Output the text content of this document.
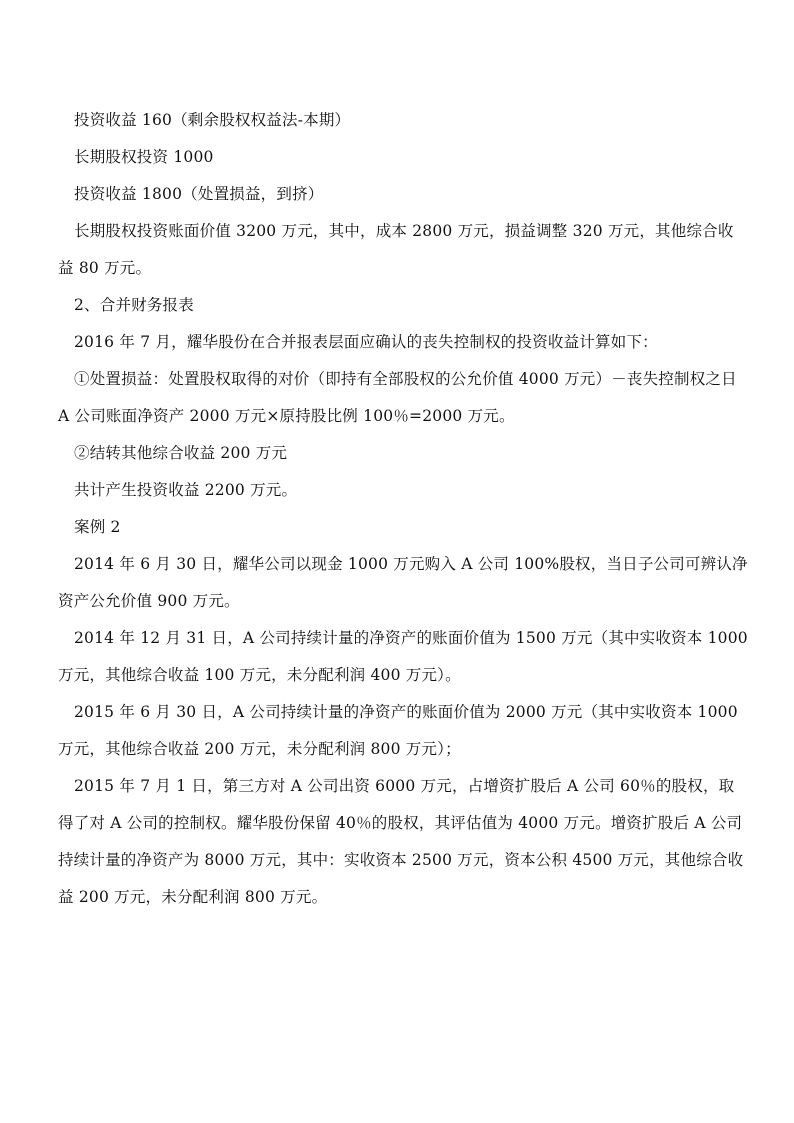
投资收益 160（剩余股权权益法-本期）

长期股权投资 1000

投资收益 1800（处置损益，到挤）

长期股权投资账面价值 3200 万元，其中，成本 2800 万元，损益调整 320 万元，其他综合收益 80 万元。

2、合并财务报表

2016 年 7 月，耀华股份在合并报表层面应确认的丧失控制权的投资收益计算如下：

①处置损益：处置股权取得的对价（即持有全部股权的公允价值 4000 万元）－丧失控制权之日 A 公司账面净资产 2000 万元×原持股比例 100％=2000 万元。

②结转其他综合收益 200 万元

共计产生投资收益 2200 万元。

案例 2

2014 年 6 月 30 日，耀华公司以现金 1000 万元购入 A 公司 100%股权，当日子公司可辨认净资产公允价值 900 万元。

2014 年 12 月 31 日，A 公司持续计量的净资产的账面价值为 1500 万元（其中实收资本 1000 万元，其他综合收益 100 万元，未分配利润 400 万元）。

2015 年 6 月 30 日，A 公司持续计量的净资产的账面价值为 2000 万元（其中实收资本 1000 万元，其他综合收益 200 万元，未分配利润 800 万元）；

2015 年 7 月 1 日，第三方对 A 公司出资 6000 万元，占增资扩股后 A 公司 60％的股权，取得了对 A 公司的控制权。耀华股份保留 40％的股权，其评估值为 4000 万元。增资扩股后 A 公司持续计量的净资产为 8000 万元，其中：实收资本 2500 万元，资本公积 4500 万元，其他综合收益 200 万元，未分配利润 800 万元。
